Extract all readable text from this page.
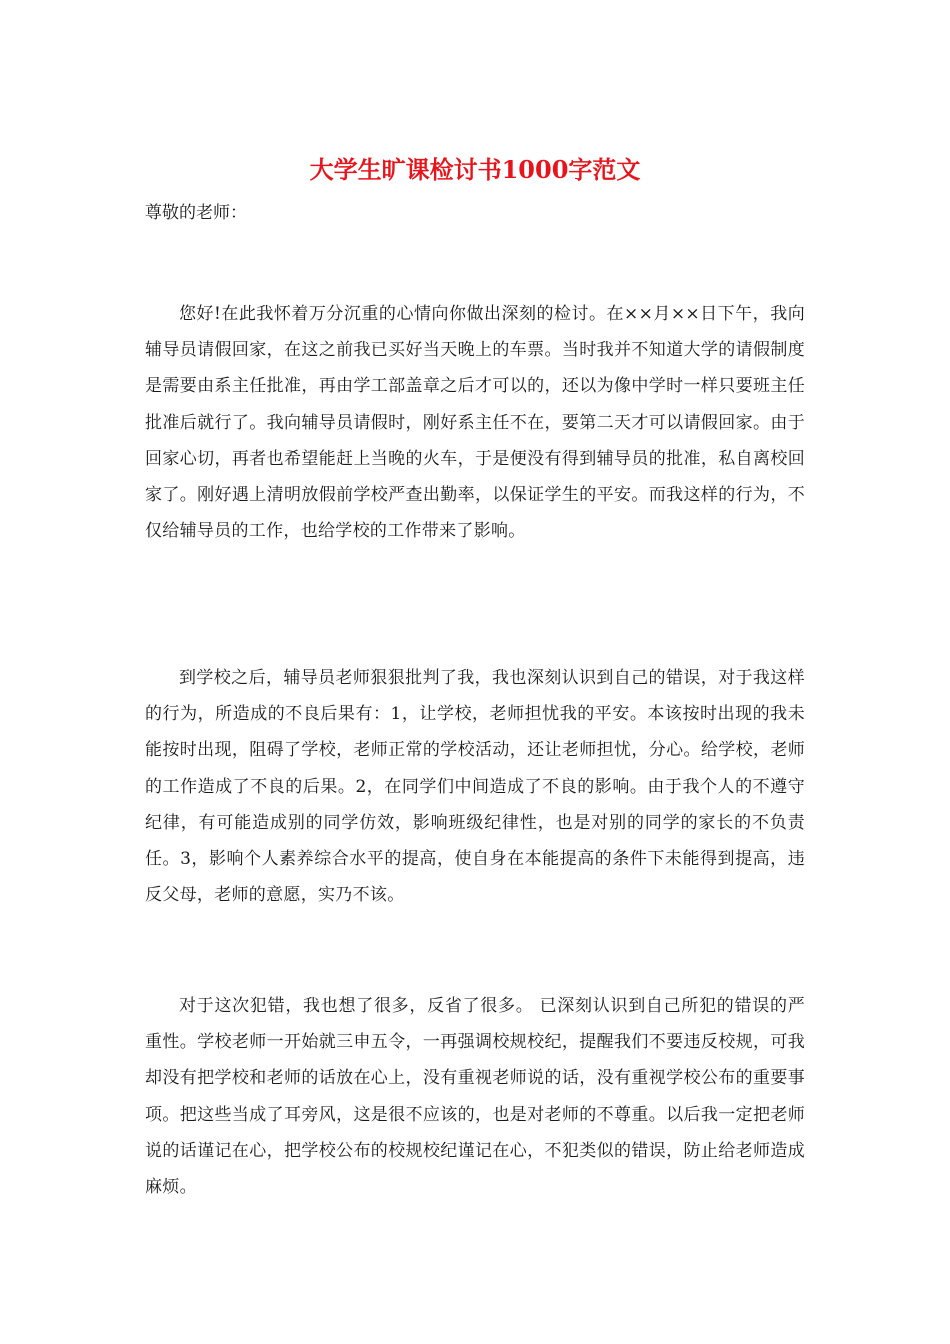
大学生旷课检讨书1000字范文

尊敬的老师：

您好!在此我怀着万分沉重的心情向你做出深刻的检讨。在××月××日下午，我向辅导员请假回家，在这之前我已买好当天晚上的车票。当时我并不知道大学的请假制度是需要由系主任批准，再由学工部盖章之后才可以的，还以为像中学时一样只要班主任批准后就行了。我向辅导员请假时，刚好系主任不在，要第二天才可以请假回家。由于回家心切，再者也希望能赶上当晚的火车，于是便没有得到辅导员的批准，私自离校回家了。刚好遇上清明放假前学校严查出勤率，以保证学生的平安。而我这样的行为，不仅给辅导员的工作，也给学校的工作带来了影响。

到学校之后，辅导员老师狠狠批判了我，我也深刻认识到自己的错误，对于我这样的行为，所造成的不良后果有：1，让学校，老师担忧我的平安。本该按时出现的我未能按时出现，阻碍了学校，老师正常的学校活动，还让老师担忧，分心。给学校，老师的工作造成了不良的后果。2，在同学们中间造成了不良的影响。由于我个人的不遵守纪律，有可能造成别的同学仿效，影响班级纪律性，也是对别的同学的家长的不负责任。3，影响个人素养综合水平的提高，使自身在本能提高的条件下未能得到提高，违反父母，老师的意愿，实乃不该。

对于这次犯错，我也想了很多，反省了很多。 已深刻认识到自己所犯的错误的严重性。学校老师一开始就三申五令，一再强调校规校纪，提醒我们不要违反校规，可我却没有把学校和老师的话放在心上，没有重视老师说的话，没有重视学校公布的重要事项。把这些当成了耳旁风，这是很不应该的，也是对老师的不尊重。以后我一定把老师说的话谨记在心，把学校公布的校规校纪谨记在心，不犯类似的错误，防止给老师造成麻烦。
